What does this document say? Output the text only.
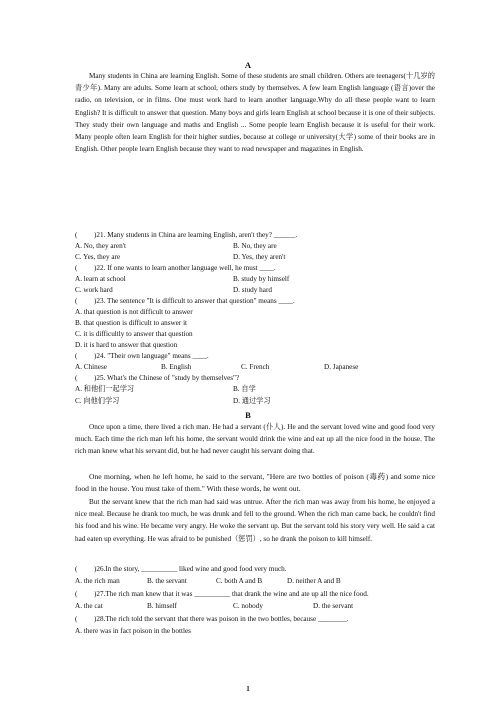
A
Many students in China are learning English. Some of these students are small children. Others are teenagers(十几岁的青少年). Many are adults. Some learn at school, others study by themselves. A few learn English language (语言)over the radio, on television, or in films. One must work hard to learn another language.Why do all these people want to learn English? It is difficult to answer that question. Many boys and girls learn English at school because it is one of their subjects. They study their own language and maths and English ... Some people learn English because it is useful for their work. Many people often learn English for their higher sutdies, because at college or university(大学) some of their books are in English. Other people learn English because they want to read newspaper and magazines in English.
( )21. Many students in China are learning English, aren't they? ______.
A. No, they aren't	B. No, they are
C. Yes, they are	D. Yes, they aren't
( )22. If one wants to learn another language well, he must ____.
A. learn at school	B. study by himself
C. work hard	D. study hard
( )23. The sentence "It is difficult to answer that question" means ____.
A. that question is not difficult to answer
B. that question is difficult to answer it
C. it is difficultly to answer that question
D. it is hard to answer that question
( )24. "Their own language" means ____.
A. Chinese	B. English	C. French	D. Japanese
( )25. What's the Chinese of "study by themselves"?
A. 和他们一起学习	B. 自学
C. 向他们学习	D. 通过学习
B
Once upon a time, there lived a rich man. He had a servant (仆人). He and the servant loved wine and good food very much. Each time the rich man left his home, the servant would drink the wine and eat up all the nice food in the house. The rich man knew what his servant did, but he had never caught his servant doing that.
One morning, when he left home, he said to the servant, "Here are two bottles of poison (毒药) and some nice food in the house. You must take of them." With these words, he went out.
But the servant knew that the rich man had said was untrue. After the rich man was away from his home, he enjoyed a nice meal. Because he drank too much, he was drunk and fell to the ground. When the rich man came back, he couldn't find his food and his wine. He became very angry. He woke the servant up. But the servant told his story very well. He said a cat had eaten up everything. He was afraid to be punished（惩罚）, so he drank the poison to kill himself.
( )26.In the story, __________ liked wine and good food very much.
A. the rich man	B. the servant	C. both A and B	D. neither A and B
( )27.The rich man knew that it was __________ that drank the wine and ate up all the nice food.
A. the cat	B. himself	C. nobody	D. the servant
( )28.The rich told the servant that there was poison in the two bottles, because ________.
A. there was in fact poison in the bottles
1
